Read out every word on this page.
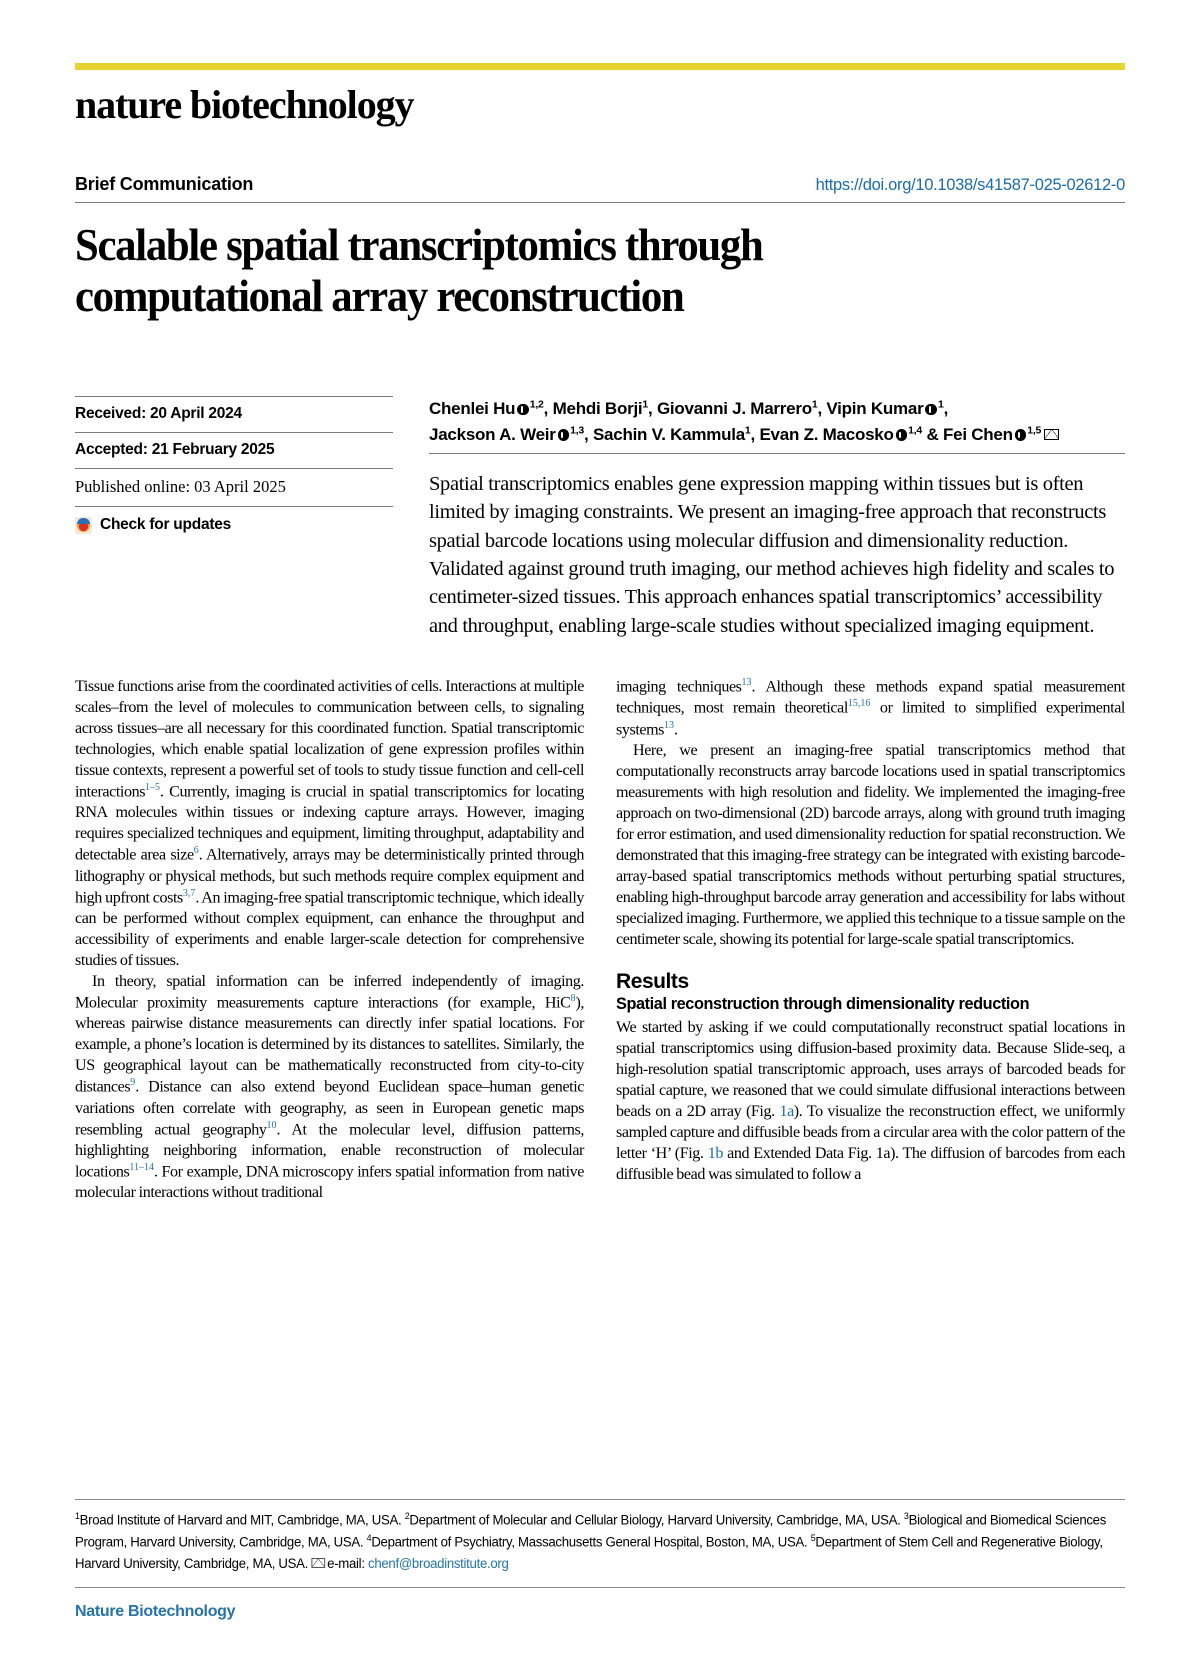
nature biotechnology
Brief Communication	https://doi.org/10.1038/s41587-025-02612-0
Scalable spatial transcriptomics through
computational array reconstruction
Received: 20 April 2024
Accepted: 21 February 2025
Published online: 03 April 2025
Check for updates
Chenlei Hu $^{1,2}$, Mehdi Borji$^1$, Giovanni J. Marrero$^1$, Vipin Kumar $^1$,
Jackson A. Weir $^{1,3}$, Sachin V. Kammula$^1$, Evan Z. Macosko $^{1,4}$ & Fei Chen $^{1,5}$
Spatial transcriptomics enables gene expression mapping within tissues but is often limited by imaging constraints. We present an imaging-free approach that reconstructs spatial barcode locations using molecular diffusion and dimensionality reduction. Validated against ground truth imaging, our method achieves high fidelity and scales to centimeter-sized tissues. This approach enhances spatial transcriptomics’ accessibility and throughput, enabling large-scale studies without specialized imaging equipment.

Tissue functions arise from the coordinated activities of cells. Interactions at multiple scales–from the level of molecules to communication between cells, to signaling across tissues–are all necessary for this coordinated function. Spatial transcriptomic technologies, which enable spatial localization of gene expression profiles within tissue contexts, represent a powerful set of tools to study tissue function and cell-cell interactions$^{1-5}$. Currently, imaging is crucial in spatial transcriptomics for locating RNA molecules within tissues or indexing capture arrays. However, imaging requires specialized techniques and equipment, limiting throughput, adaptability and detectable area size$^6$. Alternatively, arrays may be deterministically printed through lithography or physical methods, but such methods require complex equipment and high upfront costs$^{3,7}$. An imaging-free spatial transcriptomic technique, which ideally can be performed without complex equipment, can enhance the throughput and accessibility of experiments and enable larger-scale detection for comprehensive studies of tissues.

In theory, spatial information can be inferred independently of imaging. Molecular proximity measurements capture interactions (for example, HiC$^8$), whereas pairwise distance measurements can directly infer spatial locations. For example, a phone’s location is determined by its distances to satellites. Similarly, the US geographical layout can be mathematically reconstructed from city-to-city distances$^9$. Distance can also extend beyond Euclidean space–human genetic variations often correlate with geography, as seen in European genetic maps resembling actual geography$^{10}$. At the molecular level, diffusion patterns, highlighting neighboring information, enable reconstruction of molecular locations$^{11-14}$. For example, DNA microscopy infers spatial information from native molecular interactions without traditional

imaging techniques$^{13}$. Although these methods expand spatial measurement techniques, most remain theoretical$^{15,16}$ or limited to simplified experimental systems$^{13}$.

Here, we present an imaging-free spatial transcriptomics method that computationally reconstructs array barcode locations used in spatial transcriptomics measurements with high resolution and fidelity. We implemented the imaging-free approach on two-dimensional (2D) barcode arrays, along with ground truth imaging for error estimation, and used dimensionality reduction for spatial reconstruction. We demonstrated that this imaging-free strategy can be integrated with existing barcode-array-based spatial transcriptomics methods without perturbing spatial structures, enabling high-throughput barcode array generation and accessibility for labs without specialized imaging. Furthermore, we applied this technique to a tissue sample on the centimeter scale, showing its potential for large-scale spatial transcriptomics.

Results
Spatial reconstruction through dimensionality reduction

We started by asking if we could computationally reconstruct spatial locations in spatial transcriptomics using diffusion-based proximity data. Because Slide-seq, a high-resolution spatial transcriptomic approach, uses arrays of barcoded beads for spatial capture, we reasoned that we could simulate diffusional interactions between beads on a 2D array (Fig. 1a). To visualize the reconstruction effect, we uniformly sampled capture and diffusible beads from a circular area with the color pattern of the letter ‘H’ (Fig. 1b and Extended Data Fig. 1a). The diffusion of barcodes from each diffusible bead was simulated to follow a

$^1$Broad Institute of Harvard and MIT, Cambridge, MA, USA. $^2$Department of Molecular and Cellular Biology, Harvard University, Cambridge, MA, USA. $^3$Biological and Biomedical Sciences Program, Harvard University, Cambridge, MA, USA. $^4$Department of Psychiatry, Massachusetts General Hospital, Boston, MA, USA. $^5$Department of Stem Cell and Regenerative Biology, Harvard University, Cambridge, MA, USA. e-mail: chenf@broadinstitute.org
Nature Biotechnology
